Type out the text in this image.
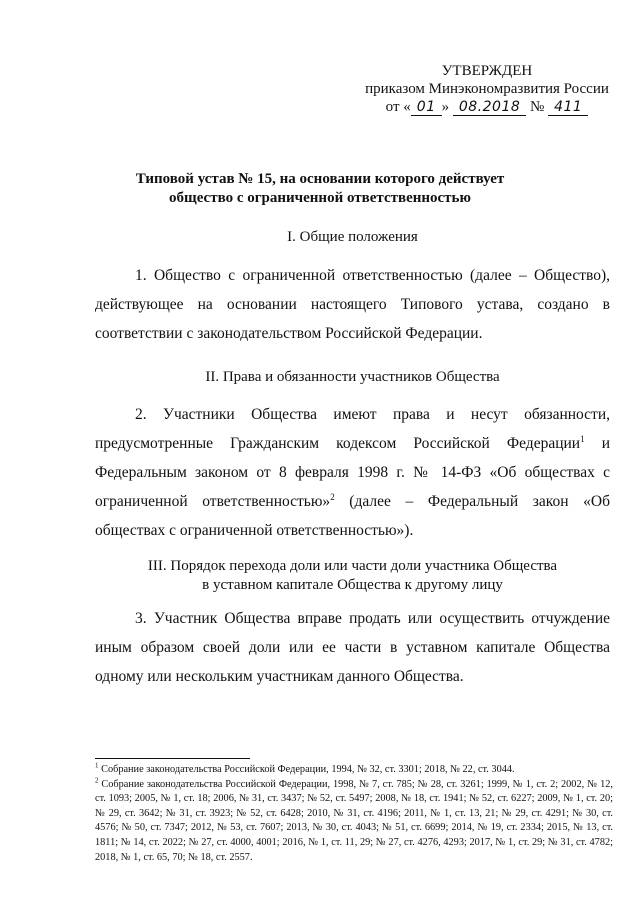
УТВЕРЖДЕН
приказом Минэкономразвития России
от « 01 » 08.2018 № 411
Типовой устав № 15, на основании которого действует
общество с ограниченной ответственностью
I. Общие положения

1. Общество с ограниченной ответственностью (далее – Общество), действующее на основании настоящего Типового устава, создано в соответствии с законодательством Российской Федерации.

II. Права и обязанности участников Общества

2. Участники Общества имеют права и несут обязанности, предусмотренные Гражданским кодексом Российской Федерации$^1$ и Федеральным законом от 8 февраля 1998 г. № 14-ФЗ «Об обществах с ограниченной ответственностью»$^2$ (далее – Федеральный закон «Об обществах с ограниченной ответственностью»).

III. Порядок перехода доли или части доли участника Общества
в уставном капитале Общества к другому лицу

3. Участник Общества вправе продать или осуществить отчуждение иным образом своей доли или ее части в уставном капитале Общества одному или нескольким участникам данного Общества.

$^1$ Собрание законодательства Российской Федерации, 1994, № 32, ст. 3301; 2018, № 22, ст. 3044.

$^2$ Собрание законодательства Российской Федерации, 1998, № 7, ст. 785; № 28, ст. 3261; 1999, № 1, ст. 2; 2002, № 12, ст. 1093; 2005, № 1, ст. 18; 2006, № 31, ст. 3437; № 52, ст. 5497; 2008, № 18, ст. 1941; № 52, ст. 6227; 2009, № 1, ст. 20; № 29, ст. 3642; № 31, ст. 3923; № 52, ст. 6428; 2010, № 31, ст. 4196; 2011, № 1, ст. 13, 21; № 29, ст. 4291; № 30, ст. 4576; № 50, ст. 7347; 2012, № 53, ст. 7607; 2013, № 30, ст. 4043; № 51, ст. 6699; 2014, № 19, ст. 2334; 2015, № 13, ст. 1811; № 14, ст. 2022; № 27, ст. 4000, 4001; 2016, № 1, ст. 11, 29; № 27, ст. 4276, 4293; 2017, № 1, ст. 29; № 31, ст. 4782; 2018, № 1, ст. 65, 70; № 18, ст. 2557.
